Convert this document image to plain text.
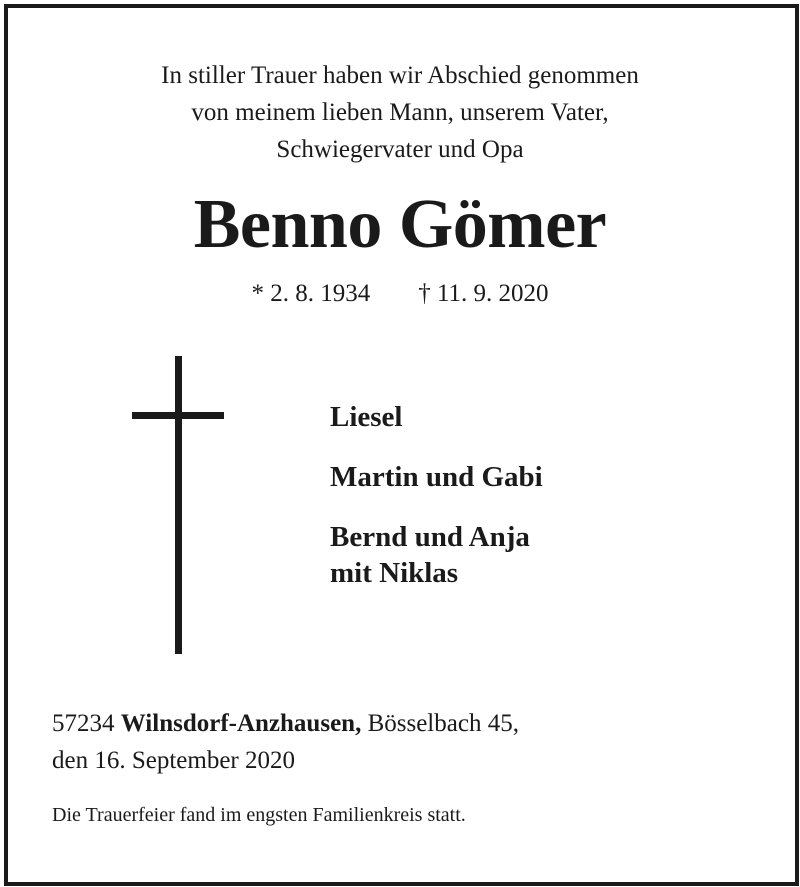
In stiller Trauer haben wir Abschied genommen
von meinem lieben Mann, unserem Vater,
Schwiegervater und Opa
Benno Gömer
* 2. 8. 1934 † 11. 9. 2020
Liesel
Martin und Gabi
Bernd und Anja
mit Niklas
57234 Wilnsdorf-Anzhausen, Bösselbach 45,
den 16. September 2020
Die Trauerfeier fand im engsten Familienkreis statt.
